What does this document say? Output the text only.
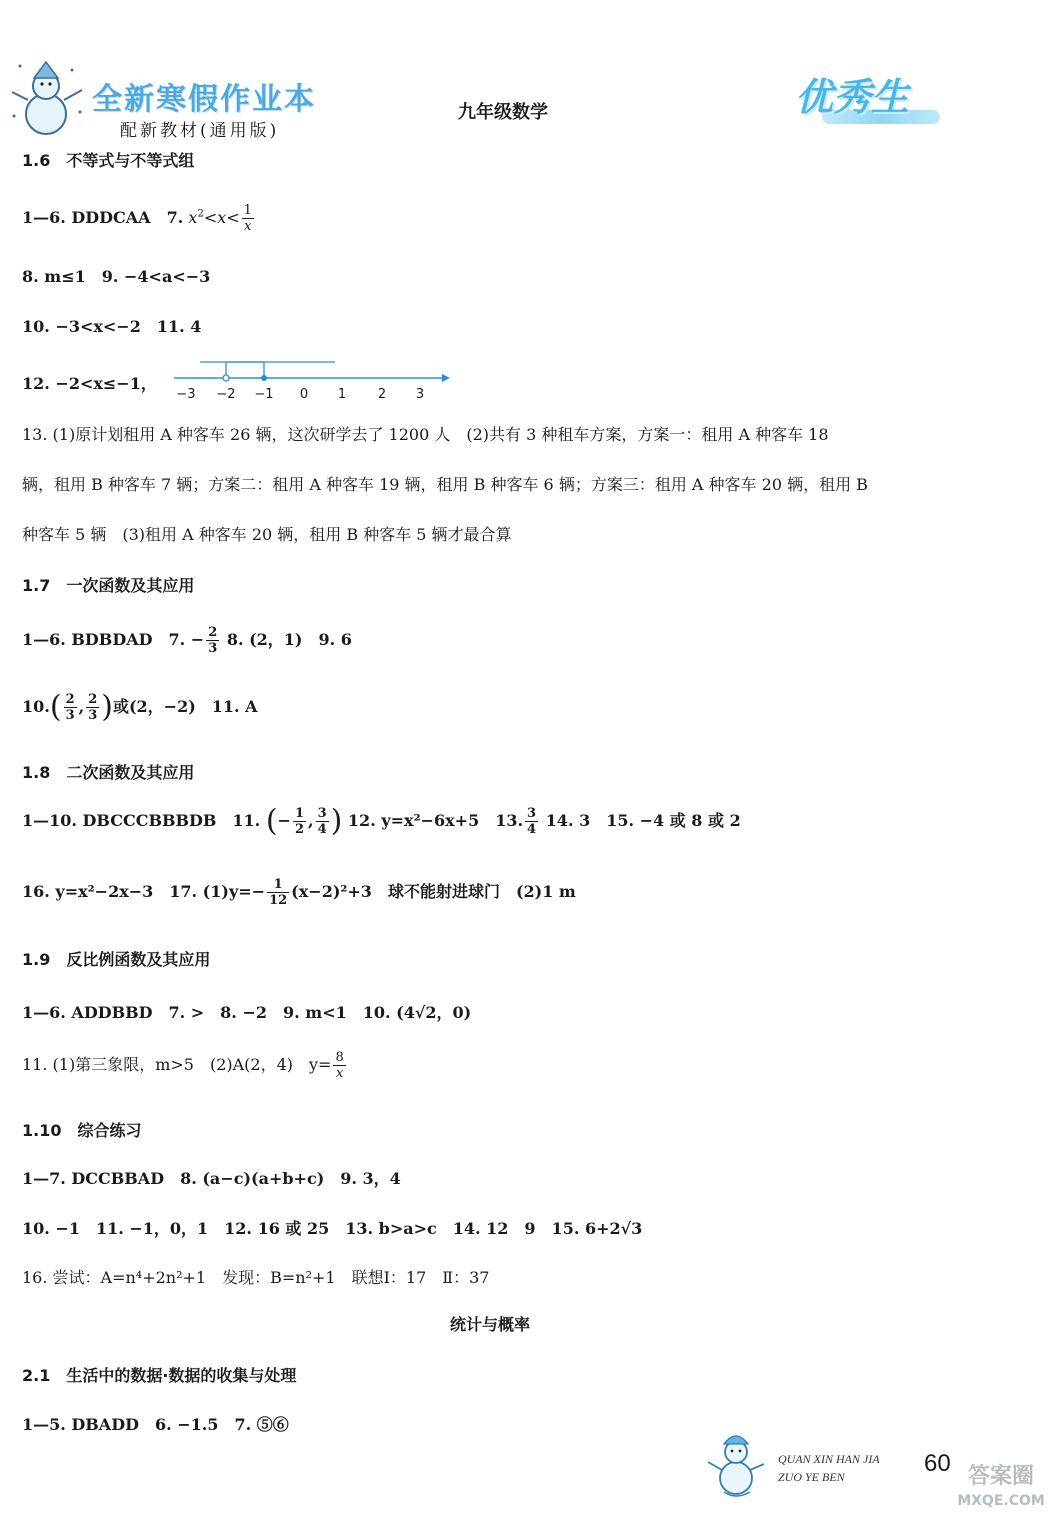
全新寒假作业本
配新教材(通用版)
九年级数学	优秀生
1.6　不等式与不等式组
1—6. DDDCAA　7. $x^2<x< \frac{1}{x}$
8. m≤1　9. −4<a<−3
10. −3<x<−2　11. 4
12. −2<x≤−1，
−3 −2 −1 0 1 2 3
13. (1)原计划租用 A 种客车 26 辆，这次研学去了 1200 人　(2)共有 3 种租车方案，方案一：租用 A 种客车 18
辆，租用 B 种客车 7 辆；方案二：租用 A 种客车 19 辆，租用 B 种客车 6 辆；方案三：租用 A 种客车 20 辆，租用 B
种客车 5 辆　(3)租用 A 种客车 20 辆，租用 B 种客车 5 辆才最合算
1.7　一次函数及其应用
1—6. BDBDAD　7. − $\frac{2}{3} 8$. (2，1)　9. 6
$10.( \frac{2}{3}$ , $\frac{2}{3}$ )或(2，−2)　11. A
1.8　二次函数及其应用
1—10. DBCCCBBBDB　11. (− $\frac{1}{2}$ , $\frac{3}{4}$ ) 12. y=x²−6x+5　13. $\frac{3}{4} 14$. 3　15. −4 或 8 或 2
16. y=x²−2x−3　17. $(1)y=- \frac{1}{12} (x-2)^2+3$　球不能射进球门　(2)1 m
1.9　反比例函数及其应用
1—6. ADDBBD　7. >　8. −2　9. m<1　10. (4√2，0)
11. (1)第三象限，m>5　(2)A(2，4)　$y= \frac{8}{x}$
1.10　综合练习
1—7. DCCBBAD　8. (a−c)(a+b+c)　9. 3，4
10. −1　11. −1，0，1　12. 16 或 25　13. b>a>c　14. 12　9　15. 6+2√3
16. 尝试：A=n⁴+2n²+1　发现：B=n²+1　联想Ⅰ：17　Ⅱ：37
统计与概率
2.1　生活中的数据·数据的收集与处理
1—5. DBADD　6. −1.5　7. ⑤⑥
QUAN XIN HAN JIA
ZUO YE BEN	60 答案圈
MXQE.COM
